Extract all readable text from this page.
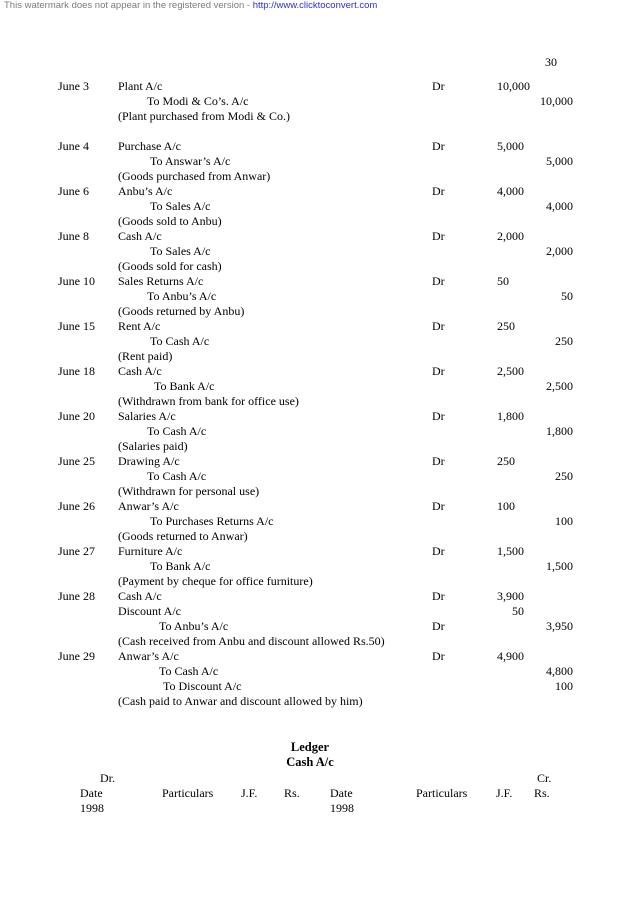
This watermark does not appear in the registered version - http://www.clicktoconvert.com
30
June 3 Plant A/c	Dr	10,000
To Modi & Co’s. A/c	10,000
(Plant purchased from Modi & Co.)
June 4 Purchase A/c	Dr	5,000
To Answar’s A/c	5,000
(Goods purchased from Anwar)
June 6 Anbu’s A/c	Dr	4,000
To Sales A/c	4,000
(Goods sold to Anbu)
June 8 Cash A/c	Dr	2,000
To Sales A/c	2,000
(Goods sold for cash)
June 10 Sales Returns A/c	Dr	50
To Anbu’s A/c	50
(Goods returned by Anbu)
June 15 Rent A/c	Dr	250
To Cash A/c	250
(Rent paid)
June 18 Cash A/c	Dr	2,500
To Bank A/c	2,500
(Withdrawn from bank for office use)
June 20 Salaries A/c	Dr	1,800
To Cash A/c	1,800
(Salaries paid)
June 25 Drawing A/c	Dr	250
To Cash A/c	250
(Withdrawn for personal use)
June 26 Anwar’s A/c	Dr	100
To Purchases Returns A/c	100
(Goods returned to Anwar)
June 27 Furniture A/c	Dr	1,500
To Bank A/c	1,500
(Payment by cheque for office furniture)
June 28 Cash A/c	Dr	3,900
Discount A/c	50
To Anbu’s A/c	Dr	3,950
(Cash received from Anbu and discount allowed Rs.50)
June 29 Anwar’s A/c	Dr	4,900
To Cash A/c	4,800
To Discount A/c	100
(Cash paid to Anwar and discount allowed by him)
Ledger
Cash A/c
Dr.	Cr.
Date	Particulars J.F. Rs.	Date	Particulars J.F. Rs.
1998	1998
